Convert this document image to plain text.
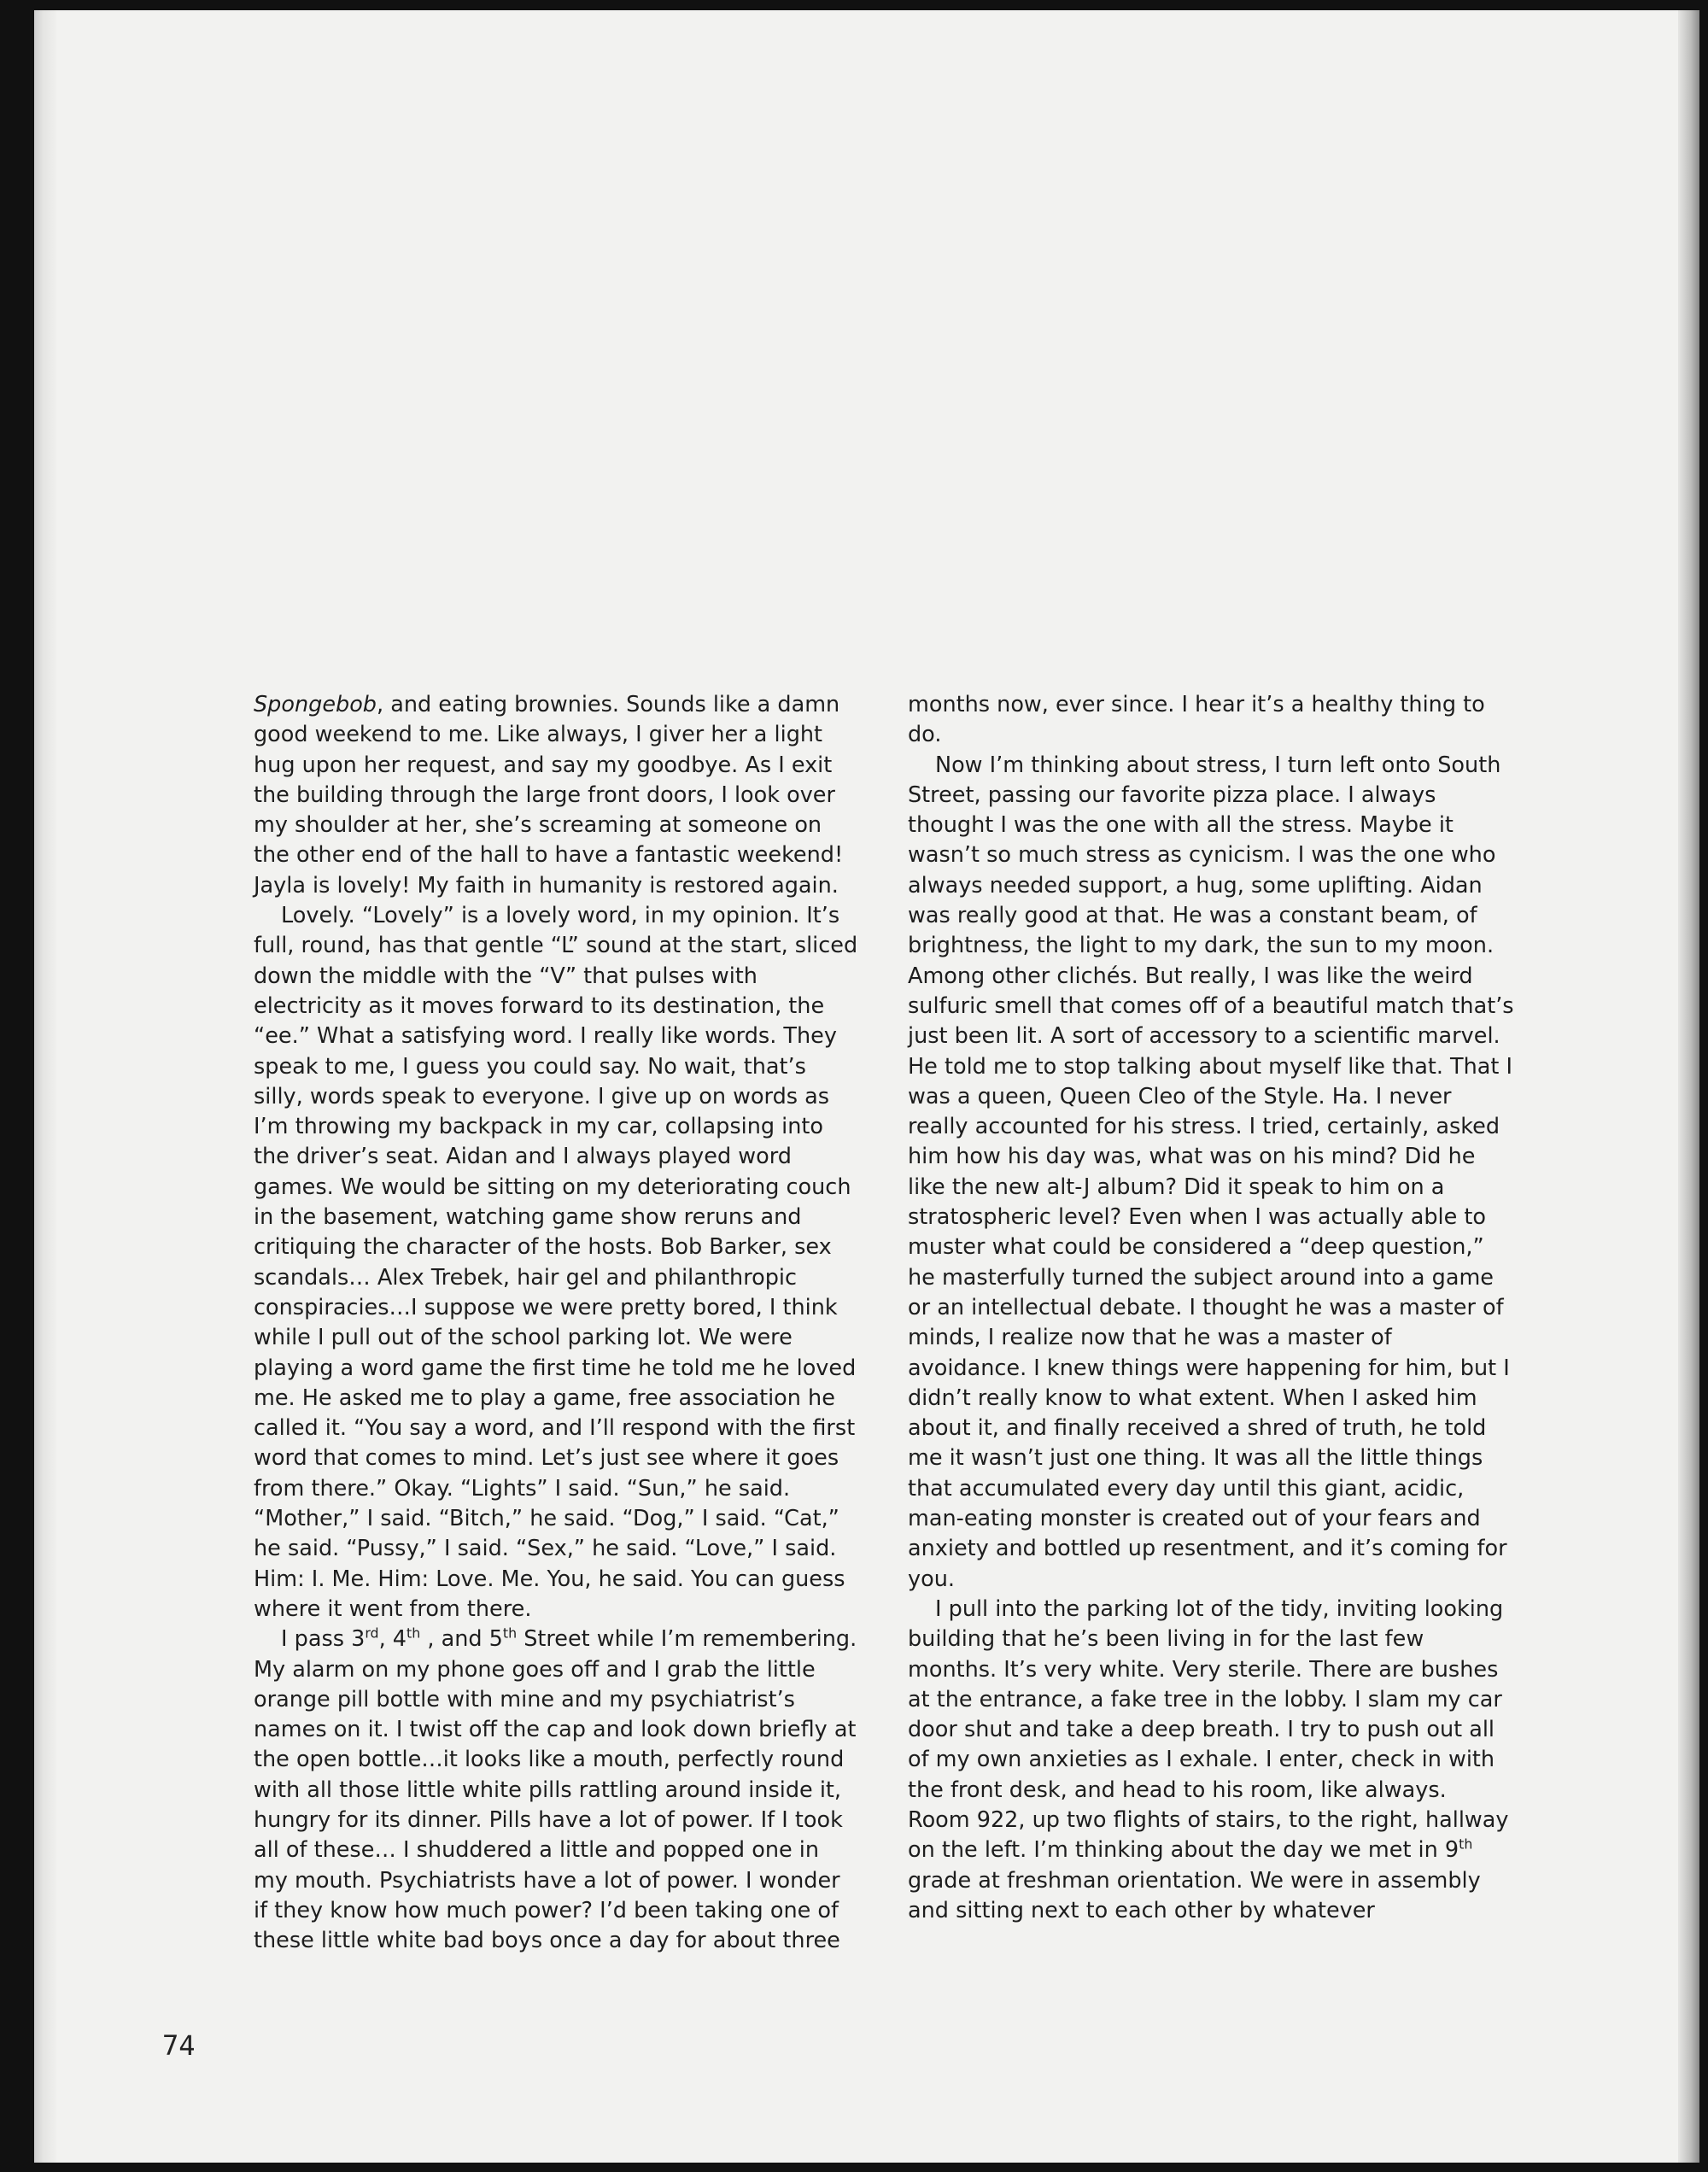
Spongebob, and eating brownies. Sounds like a damn good weekend to me. Like always, I giver her a light hug upon her request, and say my goodbye. As I exit the building through the large front doors, I look over my shoulder at her, she’s screaming at someone on the other end of the hall to have a fantastic weekend! Jayla is lovely! My faith in humanity is restored again.

Lovely. “Lovely” is a lovely word, in my opinion. It’s full, round, has that gentle “L” sound at the start, sliced down the middle with the “V” that pulses with electricity as it moves forward to its destination, the “ee.” What a satisfying word. I really like words. They speak to me, I guess you could say. No wait, that’s silly, words speak to everyone. I give up on words as I’m throwing my backpack in my car, collapsing into the driver’s seat. Aidan and I always played word games. We would be sitting on my deteriorating couch in the basement, watching game show reruns and critiquing the character of the hosts. Bob Barker, sex scandals… Alex Trebek, hair gel and philanthropic conspiracies…I suppose we were pretty bored, I think while I pull out of the school parking lot. We were playing a word game the first time he told me he loved me. He asked me to play a game, free association he called it. “You say a word, and I’ll respond with the first word that comes to mind. Let’s just see where it goes from there.” Okay. “Lights” I said. “Sun,” he said. “Mother,” I said. “Bitch,” he said. “Dog,” I said. “Cat,” he said. “Pussy,” I said. “Sex,” he said. “Love,” I said. Him: I. Me. Him: Love. Me. You, he said. You can guess where it went from there.

I pass 3rd, 4th , and 5th Street while I’m remembering. My alarm on my phone goes off and I grab the little orange pill bottle with mine and my psychiatrist’s names on it. I twist off the cap and look down briefly at the open bottle…it looks like a mouth, perfectly round with all those little white pills rattling around inside it, hungry for its dinner. Pills have a lot of power. If I took all of these… I shuddered a little and popped one in my mouth. Psychiatrists have a lot of power. I wonder if they know how much power? I’d been taking one of these little white bad boys once a day for about three

months now, ever since. I hear it’s a healthy thing to do.

Now I’m thinking about stress, I turn left onto South Street, passing our favorite pizza place. I always thought I was the one with all the stress. Maybe it wasn’t so much stress as cynicism. I was the one who always needed support, a hug, some uplifting. Aidan was really good at that. He was a constant beam, of brightness, the light to my dark, the sun to my moon. Among other clichés. But really, I was like the weird sulfuric smell that comes off of a beautiful match that’s just been lit. A sort of accessory to a scientific marvel. He told me to stop talking about myself like that. That I was a queen, Queen Cleo of the Style. Ha. I never really accounted for his stress. I tried, certainly, asked him how his day was, what was on his mind? Did he like the new alt-J album? Did it speak to him on a stratospheric level? Even when I was actually able to muster what could be considered a “deep question,” he masterfully turned the subject around into a game or an intellectual debate. I thought he was a master of minds, I realize now that he was a master of avoidance. I knew things were happening for him, but I didn’t really know to what extent. When I asked him about it, and finally received a shred of truth, he told me it wasn’t just one thing. It was all the little things that accumulated every day until this giant, acidic, man-eating monster is created out of your fears and anxiety and bottled up resentment, and it’s coming for you.

I pull into the parking lot of the tidy, inviting looking building that he’s been living in for the last few months. It’s very white. Very sterile. There are bushes at the entrance, a fake tree in the lobby. I slam my car door shut and take a deep breath. I try to push out all of my own anxieties as I exhale. I enter, check in with the front desk, and head to his room, like always. Room 922, up two flights of stairs, to the right, hallway on the left. I’m thinking about the day we met in 9th grade at freshman orientation. We were in assembly and sitting next to each other by whatever

74
